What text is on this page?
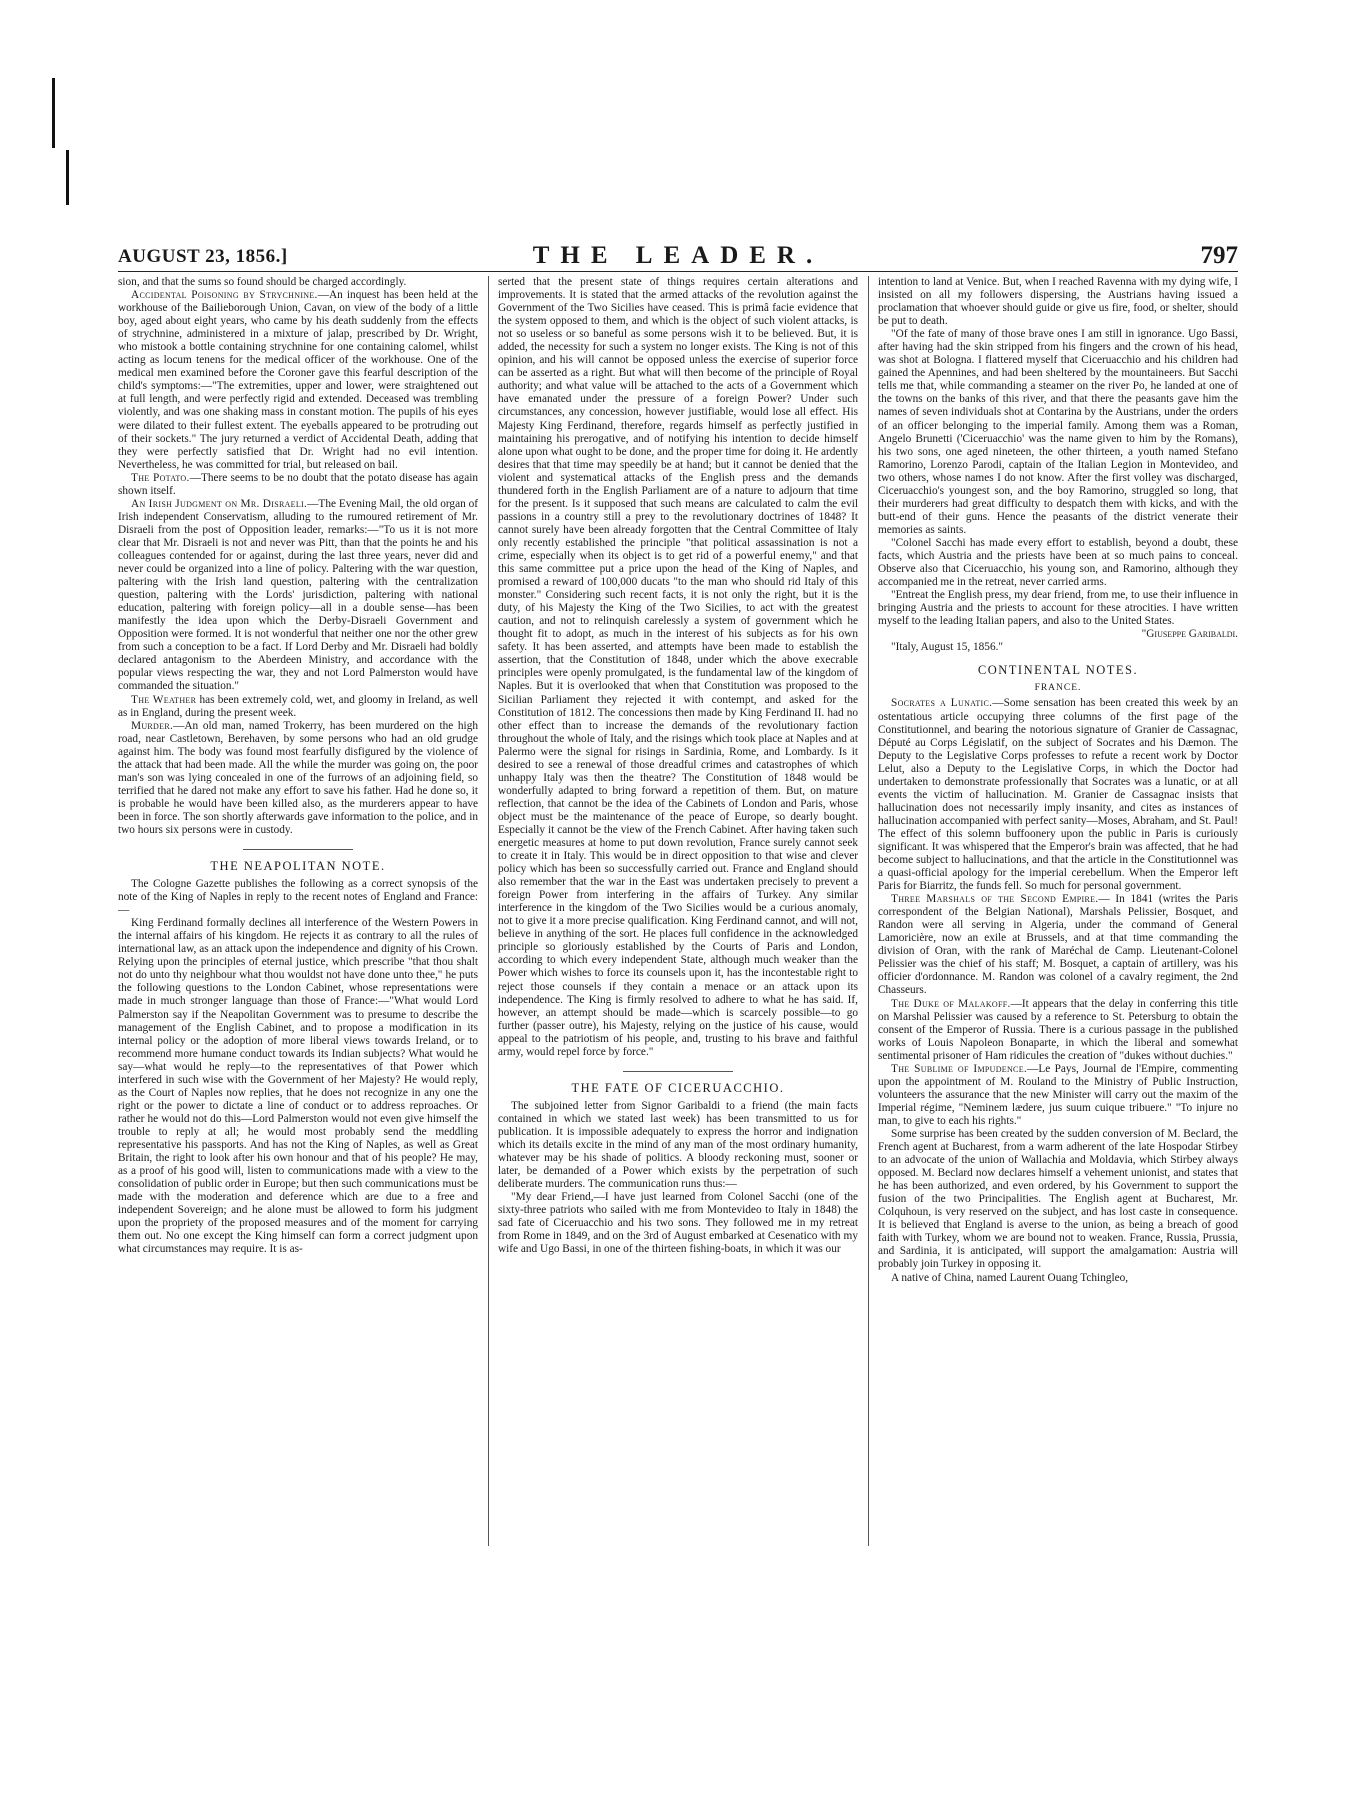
AUGUST 23, 1856.]	THE LEADER.	797

sion, and that the sums so found should be charged accordingly.

Accidental Poisoning by Strychnine.—An inquest has been held at the workhouse of the Bailieborough Union, Cavan, on view of the body of a little boy, aged about eight years, who came by his death suddenly from the effects of strychnine, administered in a mixture of jalap, prescribed by Dr. Wright, who mistook a bottle containing strychnine for one containing calomel, whilst acting as locum tenens for the medical officer of the workhouse. One of the medical men examined before the Coroner gave this fearful description of the child's symptoms:—"The extremities, upper and lower, were straightened out at full length, and were perfectly rigid and extended. Deceased was trembling violently, and was one shaking mass in constant motion. The pupils of his eyes were dilated to their fullest extent. The eyeballs appeared to be protruding out of their sockets." The jury returned a verdict of Accidental Death, adding that they were perfectly satisfied that Dr. Wright had no evil intention. Nevertheless, he was committed for trial, but released on bail.

The Potato.—There seems to be no doubt that the potato disease has again shown itself.

An Irish Judgment on Mr. Disraeli.—The Evening Mail, the old organ of Irish independent Conservatism, alluding to the rumoured retirement of Mr. Disraeli from the post of Opposition leader, remarks:—"To us it is not more clear that Mr. Disraeli is not and never was Pitt, than that the points he and his colleagues contended for or against, during the last three years, never did and never could be organized into a line of policy. Paltering with the war question, paltering with the Irish land question, paltering with the centralization question, paltering with the Lords' jurisdiction, paltering with national education, paltering with foreign policy—all in a double sense—has been manifestly the idea upon which the Derby-Disraeli Government and Opposition were formed. It is not wonderful that neither one nor the other grew from such a conception to be a fact. If Lord Derby and Mr. Disraeli had boldly declared antagonism to the Aberdeen Ministry, and accordance with the popular views respecting the war, they and not Lord Palmerston would have commanded the situation."

The Weather has been extremely cold, wet, and gloomy in Ireland, as well as in England, during the present week.

Murder.—An old man, named Trokerry, has been murdered on the high road, near Castletown, Berehaven, by some persons who had an old grudge against him. The body was found most fearfully disfigured by the violence of the attack that had been made. All the while the murder was going on, the poor man's son was lying concealed in one of the furrows of an adjoining field, so terrified that he dared not make any effort to save his father. Had he done so, it is probable he would have been killed also, as the murderers appear to have been in force. The son shortly afterwards gave information to the police, and in two hours six persons were in custody.

THE NEAPOLITAN NOTE.

The Cologne Gazette publishes the following as a correct synopsis of the note of the King of Naples in reply to the recent notes of England and France:—

King Ferdinand formally declines all interference of the Western Powers in the internal affairs of his kingdom. He rejects it as contrary to all the rules of international law, as an attack upon the independence and dignity of his Crown. Relying upon the principles of eternal justice, which prescribe "that thou shalt not do unto thy neighbour what thou wouldst not have done unto thee," he puts the following questions to the London Cabinet, whose representations were made in much stronger language than those of France:—"What would Lord Palmerston say if the Neapolitan Government was to presume to describe the management of the English Cabinet, and to propose a modification in its internal policy or the adoption of more liberal views towards Ireland, or to recommend more humane conduct towards its Indian subjects? What would he say—what would he reply—to the representatives of that Power which interfered in such wise with the Government of her Majesty? He would reply, as the Court of Naples now replies, that he does not recognize in any one the right or the power to dictate a line of conduct or to address reproaches. Or rather he would not do this—Lord Palmerston would not even give himself the trouble to reply at all; he would most probably send the meddling representative his passports. And has not the King of Naples, as well as Great Britain, the right to look after his own honour and that of his people? He may, as a proof of his good will, listen to communications made with a view to the consolidation of public order in Europe; but then such communications must be made with the moderation and deference which are due to a free and independent Sovereign; and he alone must be allowed to form his judgment upon the propriety of the proposed measures and of the moment for carrying them out. No one except the King himself can form a correct judgment upon what circumstances may require. It is as-

serted that the present state of things requires certain alterations and improvements. It is stated that the armed attacks of the revolution against the Government of the Two Sicilies have ceased. This is primâ facie evidence that the system opposed to them, and which is the object of such violent attacks, is not so useless or so baneful as some persons wish it to be believed. But, it is added, the necessity for such a system no longer exists. The King is not of this opinion, and his will cannot be opposed unless the exercise of superior force can be asserted as a right. But what will then become of the principle of Royal authority; and what value will be attached to the acts of a Government which have emanated under the pressure of a foreign Power? Under such circumstances, any concession, however justifiable, would lose all effect. His Majesty King Ferdinand, therefore, regards himself as perfectly justified in maintaining his prerogative, and of notifying his intention to decide himself alone upon what ought to be done, and the proper time for doing it. He ardently desires that that time may speedily be at hand; but it cannot be denied that the violent and systematical attacks of the English press and the demands thundered forth in the English Parliament are of a nature to adjourn that time for the present. Is it supposed that such means are calculated to calm the evil passions in a country still a prey to the revolutionary doctrines of 1848? It cannot surely have been already forgotten that the Central Committee of Italy only recently established the principle "that political assassination is not a crime, especially when its object is to get rid of a powerful enemy," and that this same committee put a price upon the head of the King of Naples, and promised a reward of 100,000 ducats "to the man who should rid Italy of this monster." Considering such recent facts, it is not only the right, but it is the duty, of his Majesty the King of the Two Sicilies, to act with the greatest caution, and not to relinquish carelessly a system of government which he thought fit to adopt, as much in the interest of his subjects as for his own safety. It has been asserted, and attempts have been made to establish the assertion, that the Constitution of 1848, under which the above execrable principles were openly promulgated, is the fundamental law of the kingdom of Naples. But it is overlooked that when that Constitution was proposed to the Sicilian Parliament they rejected it with contempt, and asked for the Constitution of 1812. The concessions then made by King Ferdinand II. had no other effect than to increase the demands of the revolutionary faction throughout the whole of Italy, and the risings which took place at Naples and at Palermo were the signal for risings in Sardinia, Rome, and Lombardy. Is it desired to see a renewal of those dreadful crimes and catastrophes of which unhappy Italy was then the theatre? The Constitution of 1848 would be wonderfully adapted to bring forward a repetition of them. But, on mature reflection, that cannot be the idea of the Cabinets of London and Paris, whose object must be the maintenance of the peace of Europe, so dearly bought. Especially it cannot be the view of the French Cabinet. After having taken such energetic measures at home to put down revolution, France surely cannot seek to create it in Italy. This would be in direct opposition to that wise and clever policy which has been so successfully carried out. France and England should also remember that the war in the East was undertaken precisely to prevent a foreign Power from interfering in the affairs of Turkey. Any similar interference in the kingdom of the Two Sicilies would be a curious anomaly, not to give it a more precise qualification. King Ferdinand cannot, and will not, believe in anything of the sort. He places full confidence in the acknowledged principle so gloriously established by the Courts of Paris and London, according to which every independent State, although much weaker than the Power which wishes to force its counsels upon it, has the incontestable right to reject those counsels if they contain a menace or an attack upon its independence. The King is firmly resolved to adhere to what he has said. If, however, an attempt should be made—which is scarcely possible—to go further (passer outre), his Majesty, relying on the justice of his cause, would appeal to the patriotism of his people, and, trusting to his brave and faithful army, would repel force by force."

THE FATE OF CICERUACCHIO.

The subjoined letter from Signor Garibaldi to a friend (the main facts contained in which we stated last week) has been transmitted to us for publication. It is impossible adequately to express the horror and indignation which its details excite in the mind of any man of the most ordinary humanity, whatever may be his shade of politics. A bloody reckoning must, sooner or later, be demanded of a Power which exists by the perpetration of such deliberate murders. The communication runs thus:—

"My dear Friend,—I have just learned from Colonel Sacchi (one of the sixty-three patriots who sailed with me from Montevideo to Italy in 1848) the sad fate of Ciceruacchio and his two sons. They followed me in my retreat from Rome in 1849, and on the 3rd of August embarked at Cesenatico with my wife and Ugo Bassi, in one of the thirteen fishing-boats, in which it was our

intention to land at Venice. But, when I reached Ravenna with my dying wife, I insisted on all my followers dispersing, the Austrians having issued a proclamation that whoever should guide or give us fire, food, or shelter, should be put to death.

"Of the fate of many of those brave ones I am still in ignorance. Ugo Bassi, after having had the skin stripped from his fingers and the crown of his head, was shot at Bologna. I flattered myself that Ciceruacchio and his children had gained the Apennines, and had been sheltered by the mountaineers. But Sacchi tells me that, while commanding a steamer on the river Po, he landed at one of the towns on the banks of this river, and that there the peasants gave him the names of seven individuals shot at Contarina by the Austrians, under the orders of an officer belonging to the imperial family. Among them was a Roman, Angelo Brunetti ('Ciceruacchio' was the name given to him by the Romans), his two sons, one aged nineteen, the other thirteen, a youth named Stefano Ramorino, Lorenzo Parodi, captain of the Italian Legion in Montevideo, and two others, whose names I do not know. After the first volley was discharged, Ciceruacchio's youngest son, and the boy Ramorino, struggled so long, that their murderers had great difficulty to despatch them with kicks, and with the butt-end of their guns. Hence the peasants of the district venerate their memories as saints.

"Colonel Sacchi has made every effort to establish, beyond a doubt, these facts, which Austria and the priests have been at so much pains to conceal. Observe also that Ciceruacchio, his young son, and Ramorino, although they accompanied me in the retreat, never carried arms.

"Entreat the English press, my dear friend, from me, to use their influence in bringing Austria and the priests to account for these atrocities. I have written myself to the leading Italian papers, and also to the United States.

"Giuseppe Garibaldi.

"Italy, August 15, 1856."

CONTINENTAL NOTES.
FRANCE.

Socrates a Lunatic.—Some sensation has been created this week by an ostentatious article occupying three columns of the first page of the Constitutionnel, and bearing the notorious signature of Granier de Cassagnac, Député au Corps Législatif, on the subject of Socrates and his Dæmon. The Deputy to the Legislative Corps professes to refute a recent work by Doctor Lelut, also a Deputy to the Legislative Corps, in which the Doctor had undertaken to demonstrate professionally that Socrates was a lunatic, or at all events the victim of hallucination. M. Granier de Cassagnac insists that hallucination does not necessarily imply insanity, and cites as instances of hallucination accompanied with perfect sanity—Moses, Abraham, and St. Paul! The effect of this solemn buffoonery upon the public in Paris is curiously significant. It was whispered that the Emperor's brain was affected, that he had become subject to hallucinations, and that the article in the Constitutionnel was a quasi-official apology for the imperial cerebellum. When the Emperor left Paris for Biarritz, the funds fell. So much for personal government.

Three Marshals of the Second Empire.— In 1841 (writes the Paris correspondent of the Belgian National), Marshals Pelissier, Bosquet, and Randon were all serving in Algeria, under the command of General Lamoricière, now an exile at Brussels, and at that time commanding the division of Oran, with the rank of Maréchal de Camp. Lieutenant-Colonel Pelissier was the chief of his staff; M. Bosquet, a captain of artillery, was his officier d'ordonnance. M. Randon was colonel of a cavalry regiment, the 2nd Chasseurs.

The Duke of Malakoff.—It appears that the delay in conferring this title on Marshal Pelissier was caused by a reference to St. Petersburg to obtain the consent of the Emperor of Russia. There is a curious passage in the published works of Louis Napoleon Bonaparte, in which the liberal and somewhat sentimental prisoner of Ham ridicules the creation of "dukes without duchies."

The Sublime of Impudence.—Le Pays, Journal de l'Empire, commenting upon the appointment of M. Rouland to the Ministry of Public Instruction, volunteers the assurance that the new Minister will carry out the maxim of the Imperial régime, "Neminem lædere, jus suum cuique tribuere." "To injure no man, to give to each his rights."

Some surprise has been created by the sudden conversion of M. Beclard, the French agent at Bucharest, from a warm adherent of the late Hospodar Stirbey to an advocate of the union of Wallachia and Moldavia, which Stirbey always opposed. M. Beclard now declares himself a vehement unionist, and states that he has been authorized, and even ordered, by his Government to support the fusion of the two Principalities. The English agent at Bucharest, Mr. Colquhoun, is very reserved on the subject, and has lost caste in consequence. It is believed that England is averse to the union, as being a breach of good faith with Turkey, whom we are bound not to weaken. France, Russia, Prussia, and Sardinia, it is anticipated, will support the amalgamation: Austria will probably join Turkey in opposing it.

A native of China, named Laurent Ouang Tchingleo,
